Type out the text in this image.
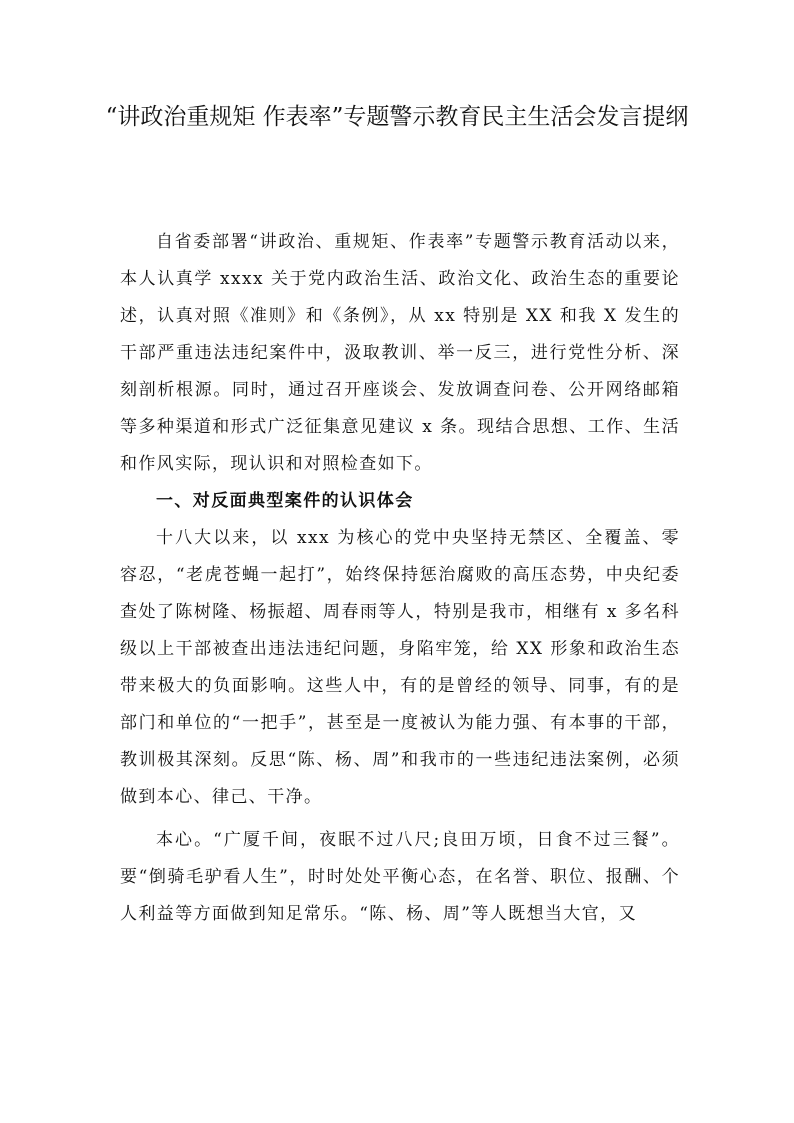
“讲政治重规矩 作表率”专题警示教育民主生活会发言提纲

自省委部署“讲政治、重规矩、作表率”专题警示教育活动以来，本人认真学 xxxx 关于党内政治生活、政治文化、政治生态的重要论述，认真对照《准则》和《条例》，从 xx 特别是 XX 和我 X 发生的干部严重违法违纪案件中，汲取教训、举一反三，进行党性分析、深刻剖析根源。同时，通过召开座谈会、发放调查问卷、公开网络邮箱等多种渠道和形式广泛征集意见建议 x 条。现结合思想、工作、生活和作风实际，现认识和对照检查如下。

一、对反面典型案件的认识体会

十八大以来，以 xxx 为核心的党中央坚持无禁区、全覆盖、零容忍，“老虎苍蝇一起打”，始终保持惩治腐败的高压态势，中央纪委查处了陈树隆、杨振超、周春雨等人，特别是我市，相继有 x 多名科级以上干部被查出违法违纪问题，身陷牢笼，给 XX 形象和政治生态带来极大的负面影响。这些人中，有的是曾经的领导、同事，有的是部门和单位的“一把手”，甚至是一度被认为能力强、有本事的干部，教训极其深刻。反思“陈、杨、周”和我市的一些违纪违法案例，必须做到本心、律己、干净。

本心。“广厦千间，夜眠不过八尺;良田万顷，日食不过三餐”。要“倒骑毛驴看人生”，时时处处平衡心态，在名誉、职位、报酬、个人利益等方面做到知足常乐。“陈、杨、周”等人既想当大官，又
